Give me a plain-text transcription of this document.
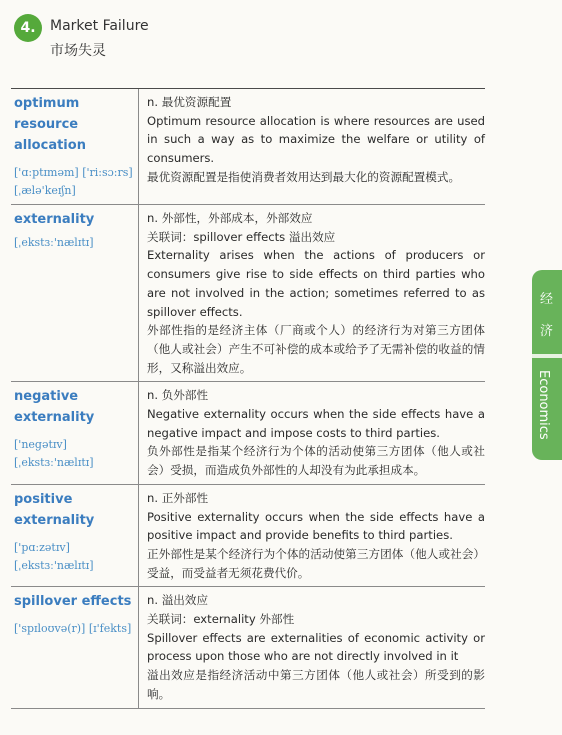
4.	Market Failure
市场失灵
optimum resource allocation
['ɑ:ptɪməm] ['ri:sɔ:rs] [ˌælə'keɪʃn]
n. 最优资源配置
Optimum resource allocation is where resources are used in such a way as to maximize the welfare or utility of consumers.
最优资源配置是指使消费者效用达到最大化的资源配置模式。
externality
[ˌekstɜː'nælɪtɪ]
n. 外部性，外部成本，外部效应
关联词：spillover effects 溢出效应
Externality arises when the actions of producers or consumers give rise to side effects on third parties who are not involved in the action; sometimes referred to as spillover effects.
外部性指的是经济主体（厂商或个人）的经济行为对第三方团体（他人或社会）产生不可补偿的成本或给予了无需补偿的收益的情形，又称溢出效应。
negative externality
['negətɪv] [ˌekstɜː'nælɪtɪ]
n. 负外部性
Negative externality occurs when the side effects have a negative impact and impose costs to third parties.
负外部性是指某个经济行为个体的活动使第三方团体（他人或社会）受损，而造成负外部性的人却没有为此承担成本。
positive externality
['pɑːzətɪv] [ˌekstɜː'nælɪtɪ]
n. 正外部性
Positive externality occurs when the side effects have a positive impact and provide benefits to third parties.
正外部性是某个经济行为个体的活动使第三方团体（他人或社会）受益，而受益者无须花费代价。
spillover effects
['spɪloʊvə(r)] [ɪ'fekts]
n. 溢出效应
关联词：externality 外部性
Spillover effects are externalities of economic activity or process upon those who are not directly involved in it
溢出效应是指经济活动中第三方团体（他人或社会）所受到的影响。
经
济
Economics
